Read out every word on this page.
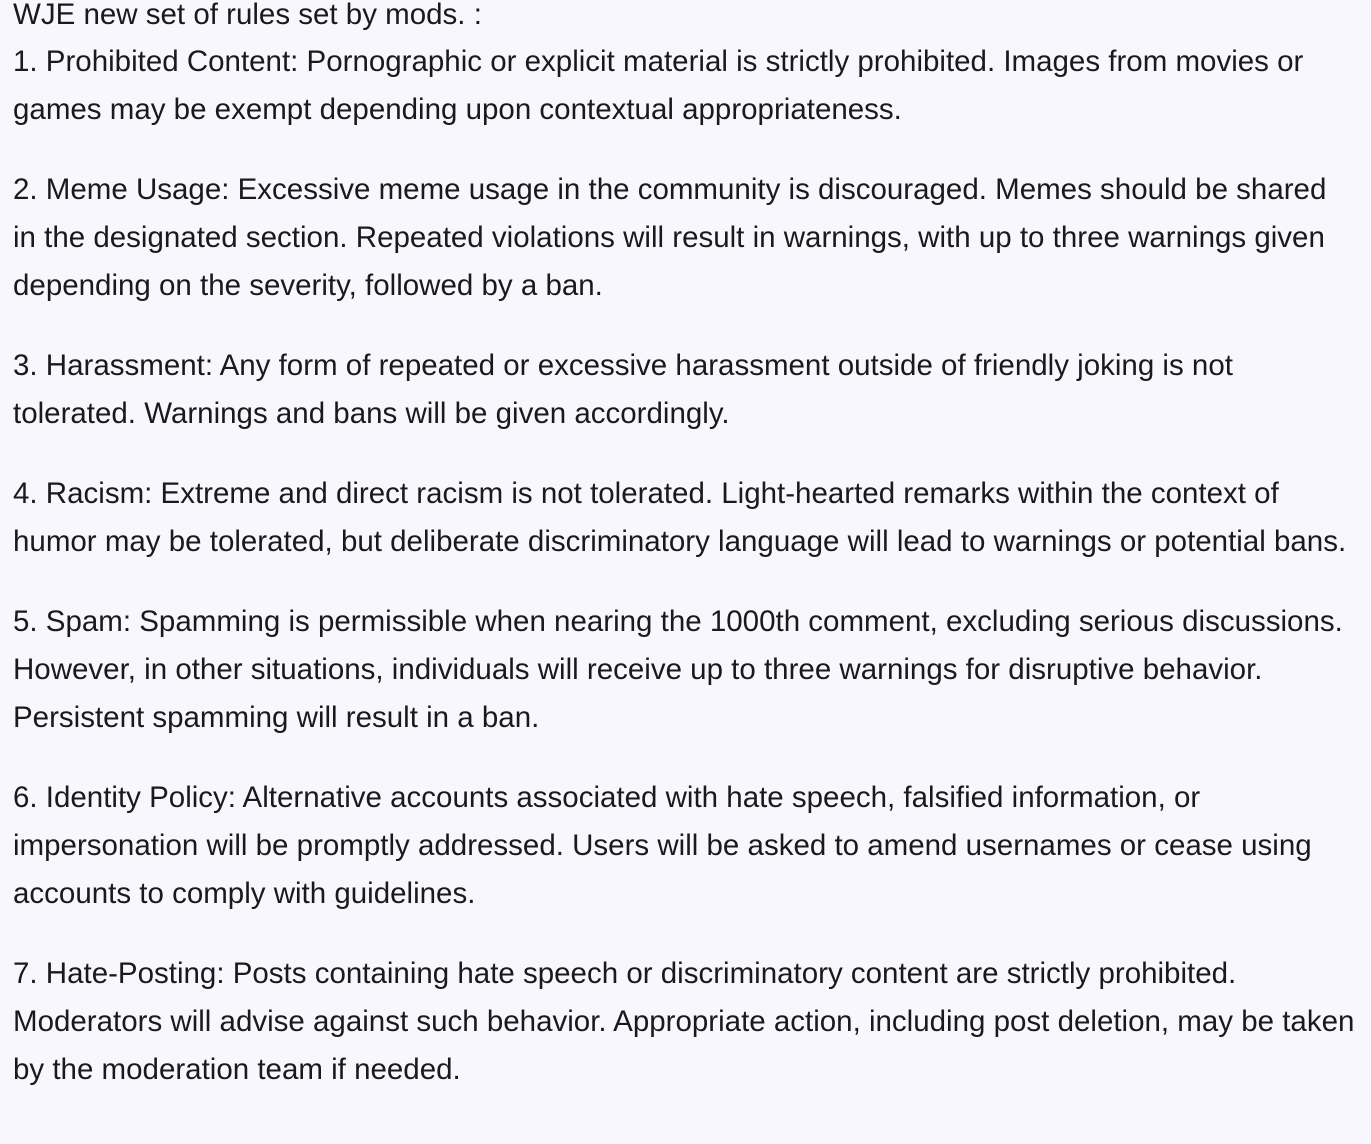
WJE new set of rules set by mods. :

1. Prohibited Content: Pornographic or explicit material is strictly prohibited. Images from movies or games may be exempt depending upon contextual appropriateness.

2. Meme Usage: Excessive meme usage in the community is discouraged. Memes should be shared in the designated section. Repeated violations will result in warnings, with up to three warnings given depending on the severity, followed by a ban.

3. Harassment: Any form of repeated or excessive harassment outside of friendly joking is not tolerated. Warnings and bans will be given accordingly.

4. Racism: Extreme and direct racism is not tolerated. Light-hearted remarks within the context of humor may be tolerated, but deliberate discriminatory language will lead to warnings or potential bans.

5. Spam: Spamming is permissible when nearing the 1000th comment, excluding serious discussions. However, in other situations, individuals will receive up to three warnings for disruptive behavior. Persistent spamming will result in a ban.

6. Identity Policy: Alternative accounts associated with hate speech, falsified information, or impersonation will be promptly addressed. Users will be asked to amend usernames or cease using accounts to comply with guidelines.

7. Hate-Posting: Posts containing hate speech or discriminatory content are strictly prohibited. Moderators will advise against such behavior. Appropriate action, including post deletion, may be taken by the moderation team if needed.
